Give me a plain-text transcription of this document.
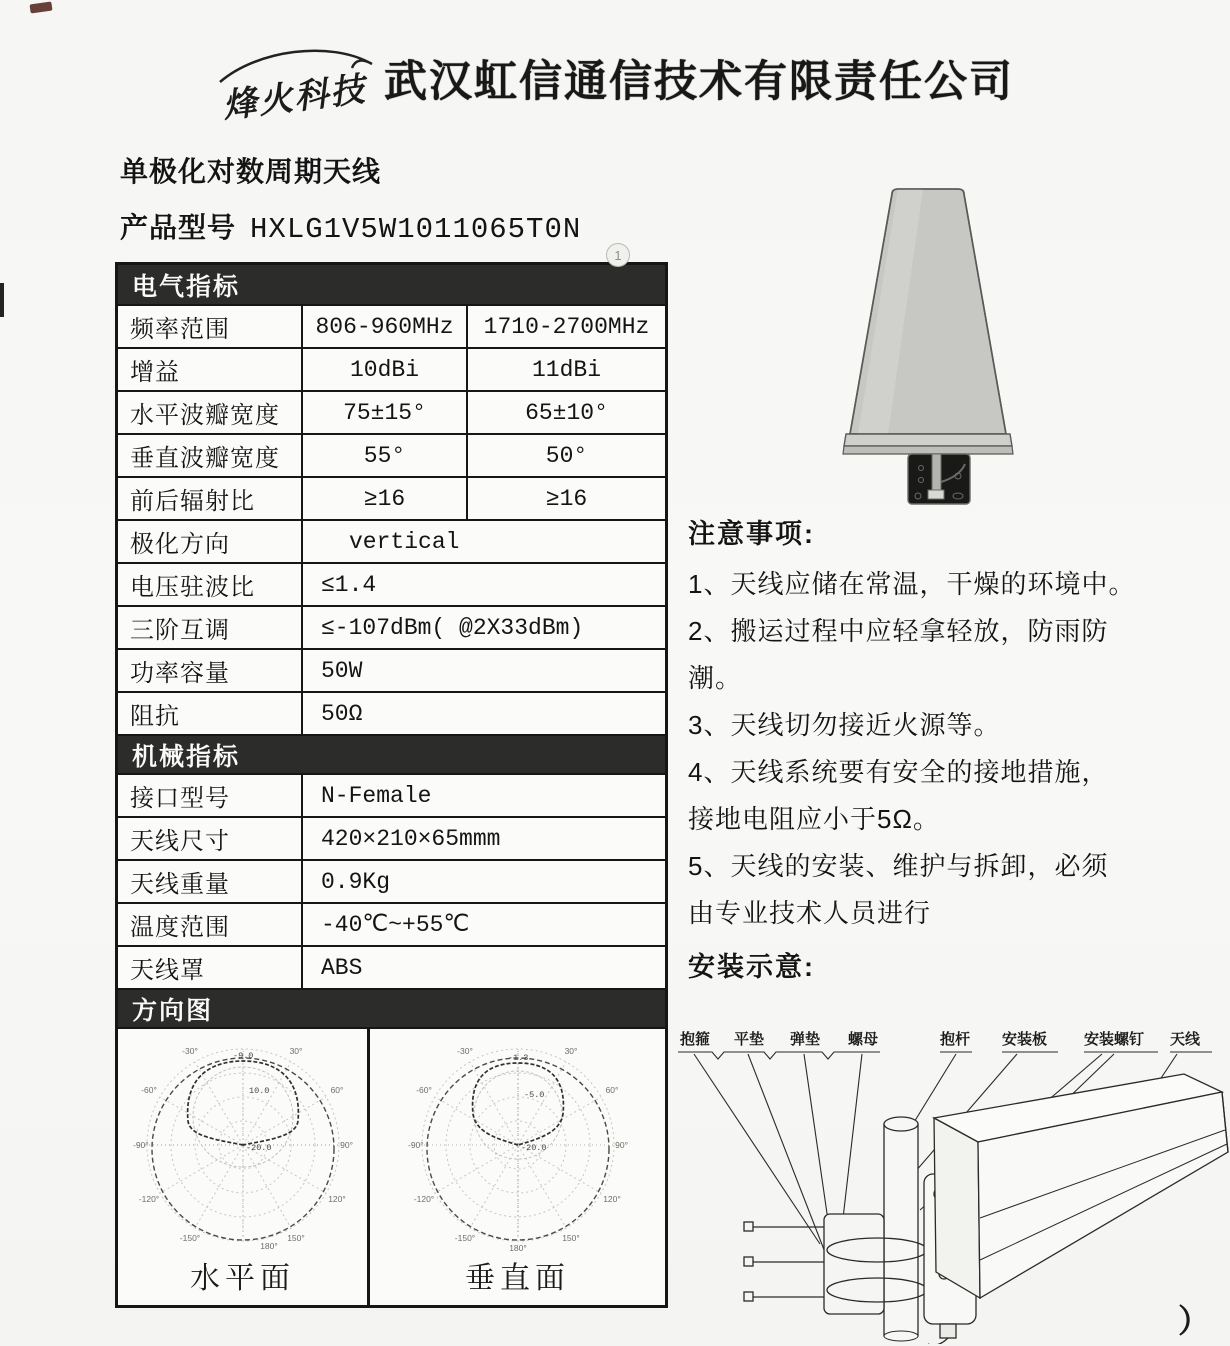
）
烽火科技 武汉虹信通信技术有限责任公司
单极化对数周期天线
产品型号 HXLG1V5W1011065T0N
1
电气指标
频率范围	806-960MHz	1710-2700MHz
增益	10dBi	11dBi
水平波瓣宽度	75±15°	65±10°
垂直波瓣宽度	55°	50°
前后辐射比	≥16	≥16
极化方向	vertical
电压驻波比	≤1.4
三阶互调	≤-107dBm( @2X33dBm)
功率容量	50W
阻抗	50Ω
机械指标
接口型号	N-Female
天线尺寸	420×210×65mmm
天线重量	0.9Kg
温度范围	-40℃~+55℃
天线罩	ABS
方向图
-30°	30°
-60°	60°
-90°	90°
-120°	120°
-150°	150°
180°
10.0
-20.0
-9.0
水平面
-30°	30°
-60°	60°
-90°	90°
-120°	120°
-150°	150°
180°
-5.0
-20.0
-1.3
垂直面
注意事项:
1、天线应储在常温，干燥的环境中。
2、搬运过程中应轻拿轻放，防雨防
潮。
3、天线切勿接近火源等。
4、天线系统要有安全的接地措施，
接地电阻应小于5Ω。
5、天线的安装、维护与拆卸，必须
由专业技术人员进行
安装示意:
抱箍 平垫 弹垫 螺母	抱杆 安装板 安装螺钉 天线
